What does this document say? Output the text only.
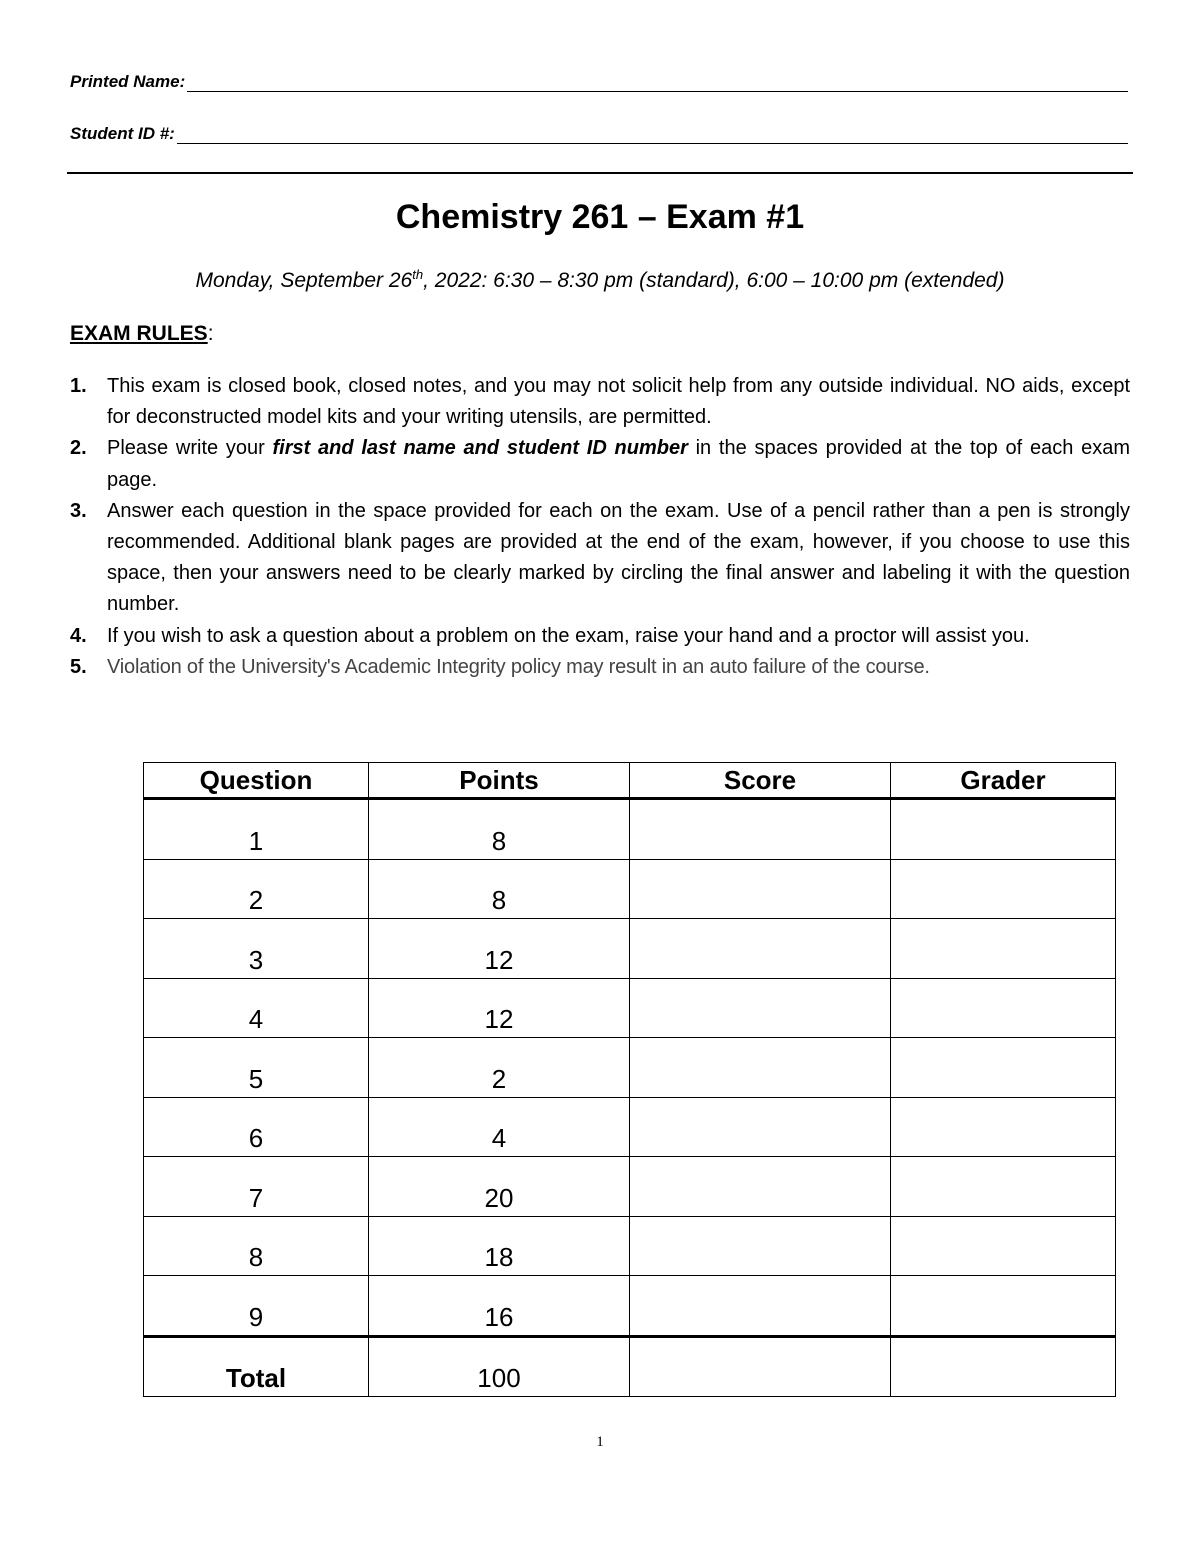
Printed Name:
Student ID #:
Chemistry 261 – Exam #1
Monday, September 26th, 2022: 6:30 – 8:30 pm (standard), 6:00 – 10:00 pm (extended)
EXAM RULES:
1.	This exam is closed book, closed notes, and you may not solicit help from any outside individual. NO aids, except for deconstructed model kits and your writing utensils, are permitted.
2.	Please write your first and last name and student ID number in the spaces provided at the top of each exam page.
3.	Answer each question in the space provided for each on the exam. Use of a pencil rather than a pen is strongly recommended. Additional blank pages are provided at the end of the exam, however, if you choose to use this space, then your answers need to be clearly marked by circling the final answer and labeling it with the question number.
4.	If you wish to ask a question about a problem on the exam, raise your hand and a proctor will assist you.
5.	Violation of the University's Academic Integrity policy may result in an auto failure of the course.
Question	Points	Score	Grader
1	8		
2	8		
3	12		
4	12		
5	2		
6	4		
7	20		
8	18		
9	16		
Total	100		
1
